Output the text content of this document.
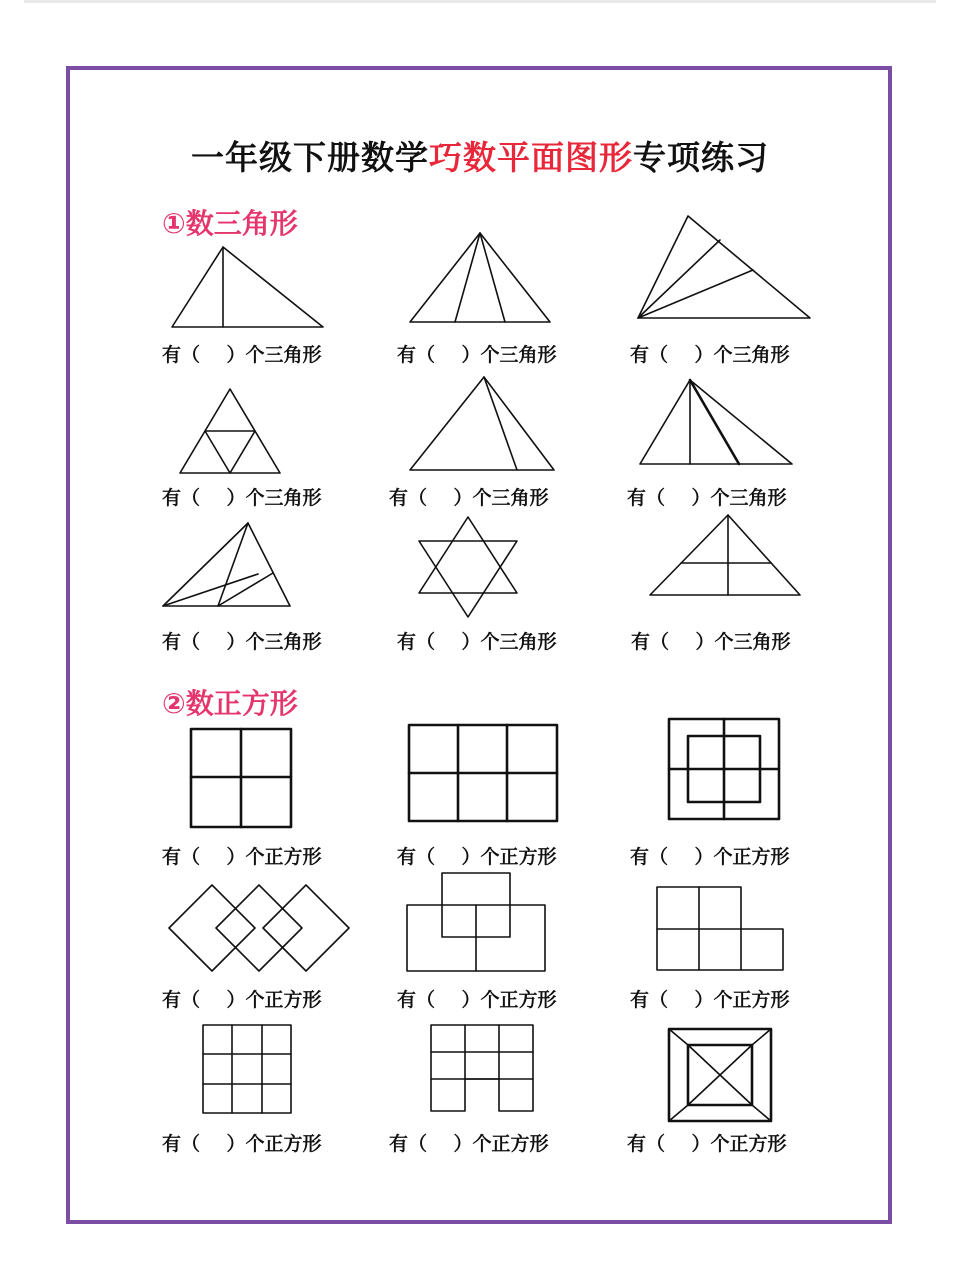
一年级下册数学巧数平面图形专项练习
①数三角形
有（    ）个三角形	有（    ）个三角形	有（    ）个三角形
有（    ）个三角形	有（    ）个三角形	有（    ）个三角形
有（    ）个三角形	有（    ）个三角形	有（    ）个三角形
②数正方形
有（    ）个正方形	有（    ）个正方形	有（    ）个正方形
有（    ）个正方形	有（    ）个正方形	有（    ）个正方形
有（    ）个正方形	有（    ）个正方形	有（    ）个正方形
